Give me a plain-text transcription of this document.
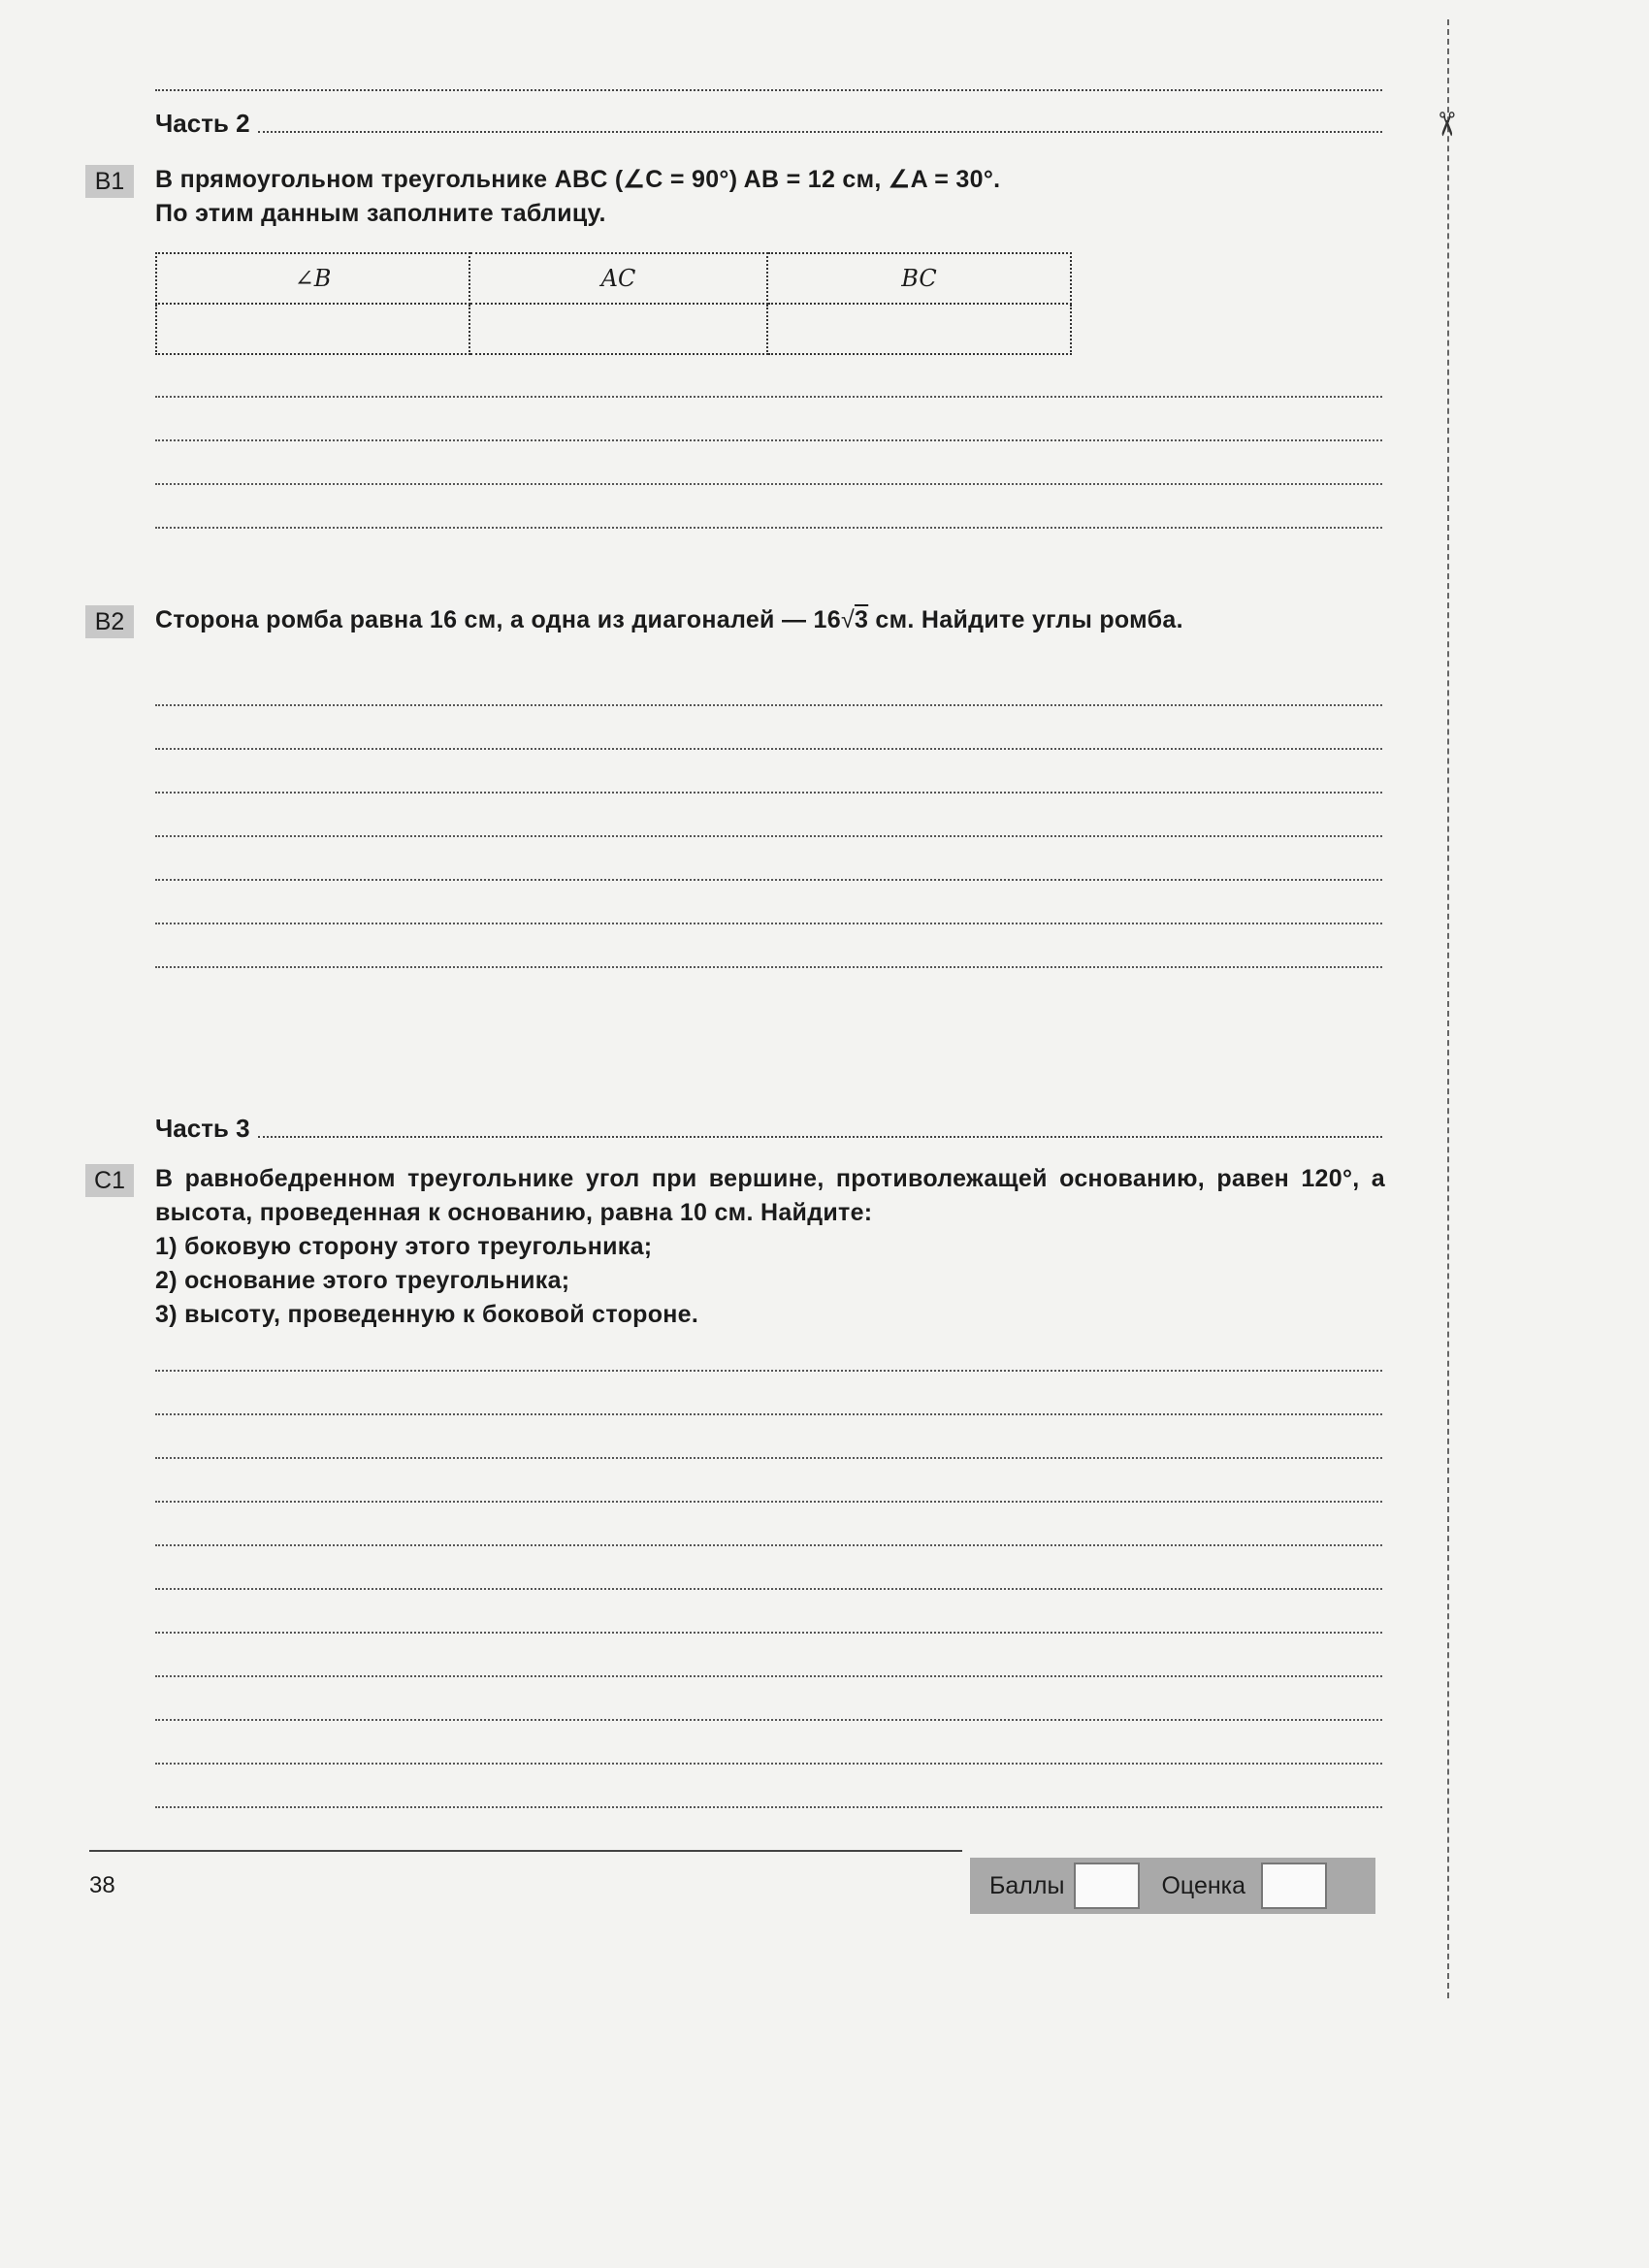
✂
Часть 2
B1	В прямоугольном треугольнике ABC (∠C = 90°) AB = 12 см, ∠A = 30°.

По этим данным заполните таблицу.

∠B	AC	BC

B2	Сторона ромба равна 16 см, а одна из диагоналей — 16√3 см. Найдите углы ромба.

Часть 3
C1	В равнобедренном треугольнике угол при вершине, противолежащей основанию, равен 120°, а высота, проведенная к основанию, равна 10 см. Найдите:

1) боковую сторону этого треугольника;

2) основание этого треугольника;

3) высоту, проведенную к боковой стороне.

38	Баллы	Оценка
